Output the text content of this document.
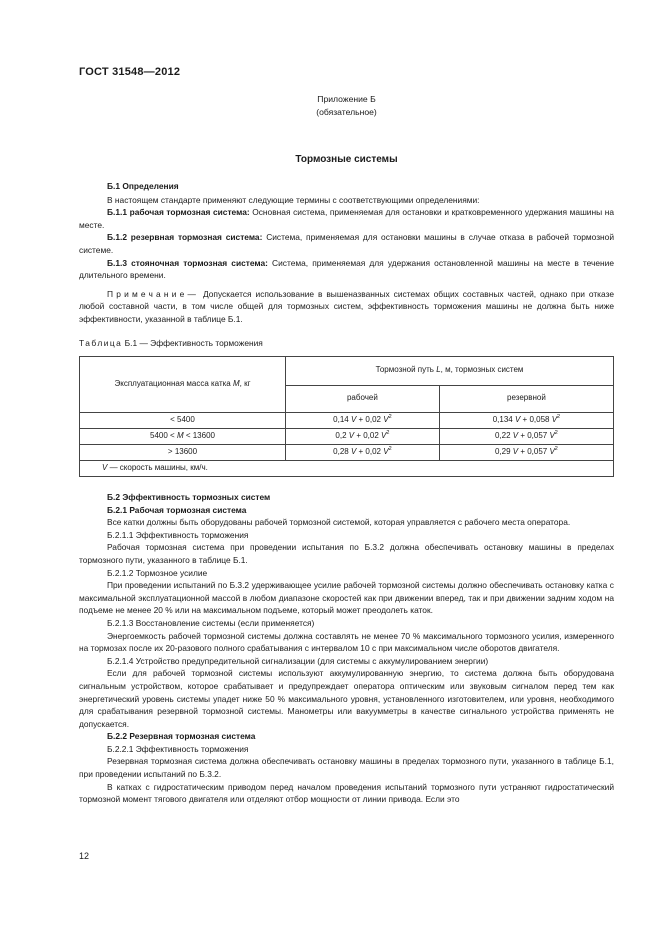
ГОСТ 31548—2012
Приложение Б
(обязательное)
Тормозные системы

Б.1 Определения

В настоящем стандарте применяют следующие термины с соответствующими определениями:

Б.1.1 рабочая тормозная система: Основная система, применяемая для остановки и кратковременного удержания машины на месте.

Б.1.2 резервная тормозная система: Система, применяемая для остановки машины в случае отказа в рабочей тормозной системе.

Б.1.3 стояночная тормозная система: Система, применяемая для удержания остановленной машины на месте в течение длительного времени.

Примечание— Допускается использование в вышеназванных системах общих составных частей, однако при отказе любой составной части, в том числе общей для тормозных систем, эффективность торможения машины не должна быть ниже эффективности, указанной в таблице Б.1.

Таблица Б.1 — Эффективность торможения

Эксплуатационная масса катка M, кг	Тормозной путь L, м, тормозных систем	
	рабочей	резервной
< 5400	0,14 V + 0,02 $V^2$	0,134 V + 0,058 $V^2$
5400 < M < 13600	0,2 V + 0,02 $V^2$	0,22 V + 0,057 $V^2$
> 13600	0,28 V + 0,02 $V^2$	0,29 V + 0,057 $V^2$
V — скорость машины, км/ч.		

Б.2 Эффективность тормозных систем

Б.2.1 Рабочая тормозная система

Все катки должны быть оборудованы рабочей тормозной системой, которая управляется с рабочего места оператора.

Б.2.1.1 Эффективность торможения

Рабочая тормозная система при проведении испытания по Б.3.2 должна обеспечивать остановку машины в пределах тормозного пути, указанного в таблице Б.1.

Б.2.1.2 Тормозное усилие

При проведении испытаний по Б.3.2 удерживающее усилие рабочей тормозной системы должно обеспечивать остановку катка с максимальной эксплуатационной массой в любом диапазоне скоростей как при движении вперед, так и при движении задним ходом на подъеме не менее 20 % или на максимальном подъеме, который может преодолеть каток.

Б.2.1.3 Восстановление системы (если применяется)

Энергоемкость рабочей тормозной системы должна составлять не менее 70 % максимального тормозного усилия, измеренного на тормозах после их 20-разового полного срабатывания с интервалом 10 с при максимальном числе оборотов двигателя.

Б.2.1.4 Устройство предупредительной сигнализации (для системы с аккумулированием энергии)

Если для рабочей тормозной системы используют аккумулированную энергию, то система должна быть оборудована сигнальным устройством, которое срабатывает и предупреждает оператора оптическим или звуковым сигналом перед тем как энергетический уровень системы упадет ниже 50 % максимального уровня, установленного изготовителем, или уровня, необходимого для срабатывания резервной тормозной системы. Манометры или вакуумметры в качестве сигнального устройства применять не допускается.

Б.2.2 Резервная тормозная система

Б.2.2.1 Эффективность торможения

Резервная тормозная система должна обеспечивать остановку машины в пределах тормозного пути, указанного в таблице Б.1, при проведении испытаний по Б.3.2.

В катках с гидростатическим приводом перед началом проведения испытаний тормозного пути устраняют гидростатический тормозной момент тягового двигателя или отделяют отбор мощности от линии привода. Если это

12
